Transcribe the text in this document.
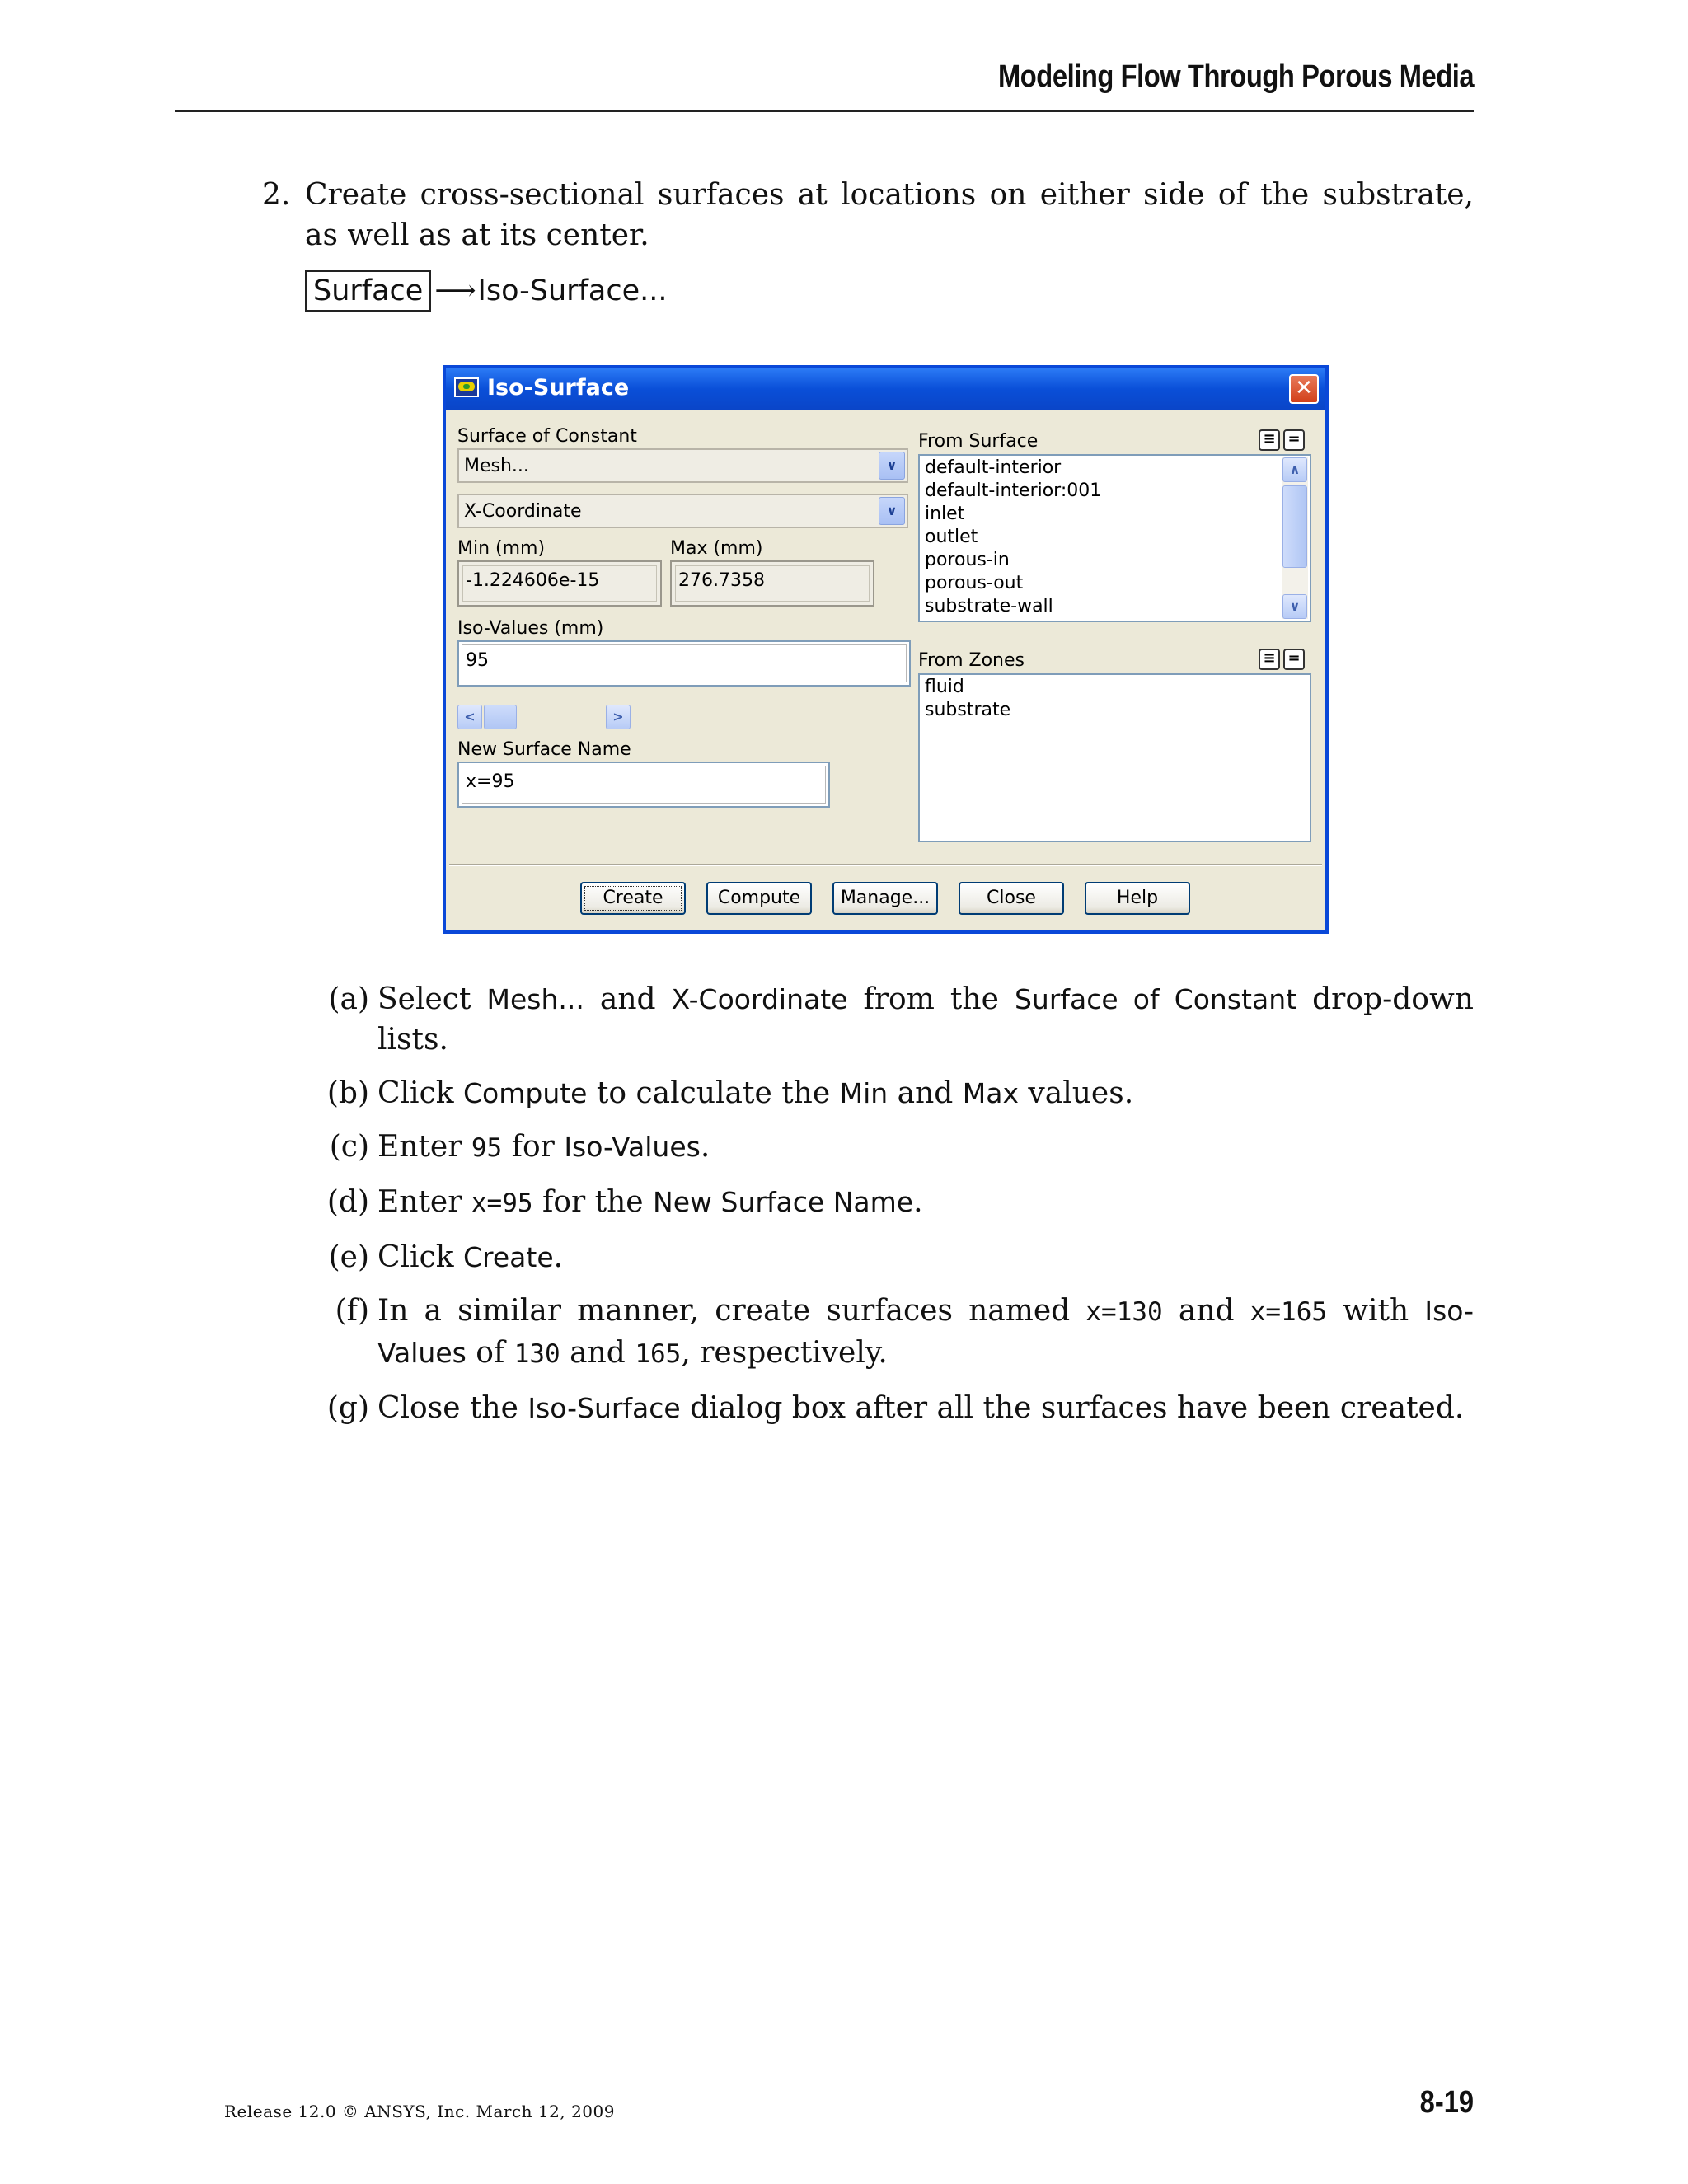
Modeling Flow Through Porous Media
2. Create cross-sectional surfaces at locations on either side of the substrate, as well as at its center.
Surface ⟶ Iso-Surface...
Iso-Surface	✕
Surface of Constant
Mesh...	∨
X-Coordinate	∨
Min (mm)	Max (mm)
-1.224606e-15	276.7358
Iso-Values (mm)
95
<	>
New Surface Name
x=95
From Surface	≡ =
default-interior
default-interior:001
inlet
outlet
porous-in
porous-out
substrate-wall
∧
∨
From Zones	≡ =
fluid
substrate
Create	Compute	Manage...	Close	Help
(a) Select Mesh... and X-Coordinate from the Surface of Constant drop-down lists.
(b) Click Compute to calculate the Min and Max values.
(c) Enter 95 for Iso-Values.
(d) Enter x=95 for the New Surface Name.
(e) Click Create.
(f) In a similar manner, create surfaces named x=130 and x=165 with Iso-Values of 130 and 165, respectively.
(g) Close the Iso-Surface dialog box after all the surfaces have been created.
Release 12.0 © ANSYS, Inc. March 12, 2009	8-19
